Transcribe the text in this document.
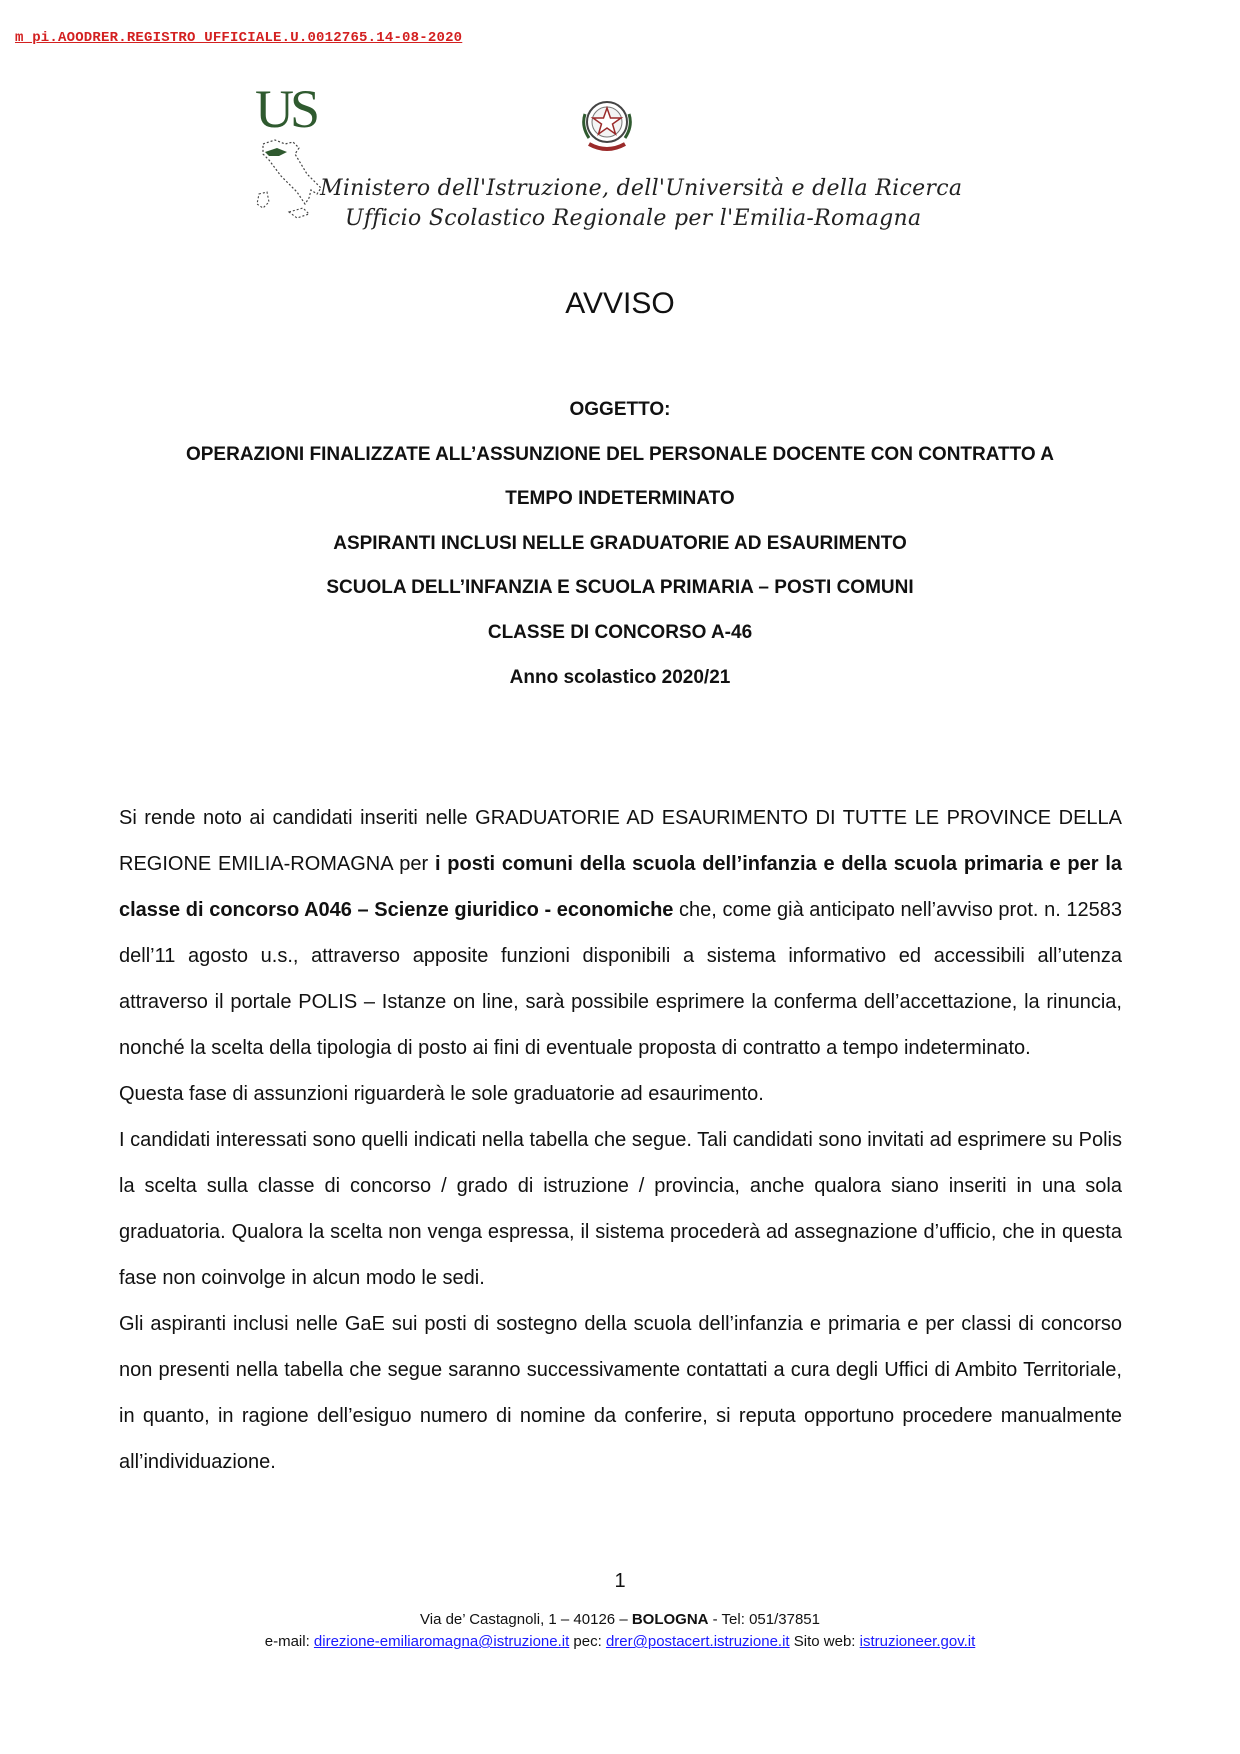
m_pi.AOODRER.REGISTRO UFFICIALE.U.0012765.14-08-2020
US
Ministero dell'Istruzione, dell'Università e della Ricerca
Ufficio Scolastico Regionale per l'Emilia-Romagna
AVVISO
OGGETTO:
OPERAZIONI FINALIZZATE ALL’ASSUNZIONE DEL PERSONALE DOCENTE CON CONTRATTO A
TEMPO INDETERMINATO
ASPIRANTI INCLUSI NELLE GRADUATORIE AD ESAURIMENTO
SCUOLA DELL’INFANZIA E SCUOLA PRIMARIA – POSTI COMUNI
CLASSE DI CONCORSO A-46
Anno scolastico 2020/21

Si rende noto ai candidati inseriti nelle GRADUATORIE AD ESAURIMENTO DI TUTTE LE PROVINCE DELLA REGIONE EMILIA-ROMAGNA per i posti comuni della scuola dell’infanzia e della scuola primaria e per la classe di concorso A046 – Scienze giuridico - economiche che, come già anticipato nell’avviso prot. n. 12583 dell’11 agosto u.s., attraverso apposite funzioni disponibili a sistema informativo ed accessibili all’utenza attraverso il portale POLIS – Istanze on line, sarà possibile esprimere la conferma dell’accettazione, la rinuncia, nonché la scelta della tipologia di posto ai fini di eventuale proposta di contratto a tempo indeterminato.

Questa fase di assunzioni riguarderà le sole graduatorie ad esaurimento.

I candidati interessati sono quelli indicati nella tabella che segue. Tali candidati sono invitati ad esprimere su Polis la scelta sulla classe di concorso / grado di istruzione / provincia, anche qualora siano inseriti in una sola graduatoria. Qualora la scelta non venga espressa, il sistema procederà ad assegnazione d’ufficio, che in questa fase non coinvolge in alcun modo le sedi.

Gli aspiranti inclusi nelle GaE sui posti di sostegno della scuola dell’infanzia e primaria e per classi di concorso non presenti nella tabella che segue saranno successivamente contattati a cura degli Uffici di Ambito Territoriale, in quanto, in ragione dell’esiguo numero di nomine da conferire, si reputa opportuno procedere manualmente all’individuazione.

1
Via de’ Castagnoli, 1 – 40126 – BOLOGNA - Tel: 051/37851
e-mail: direzione-emiliaromagna@istruzione.it pec: drer@postacert.istruzione.it Sito web: istruzioneer.gov.it
